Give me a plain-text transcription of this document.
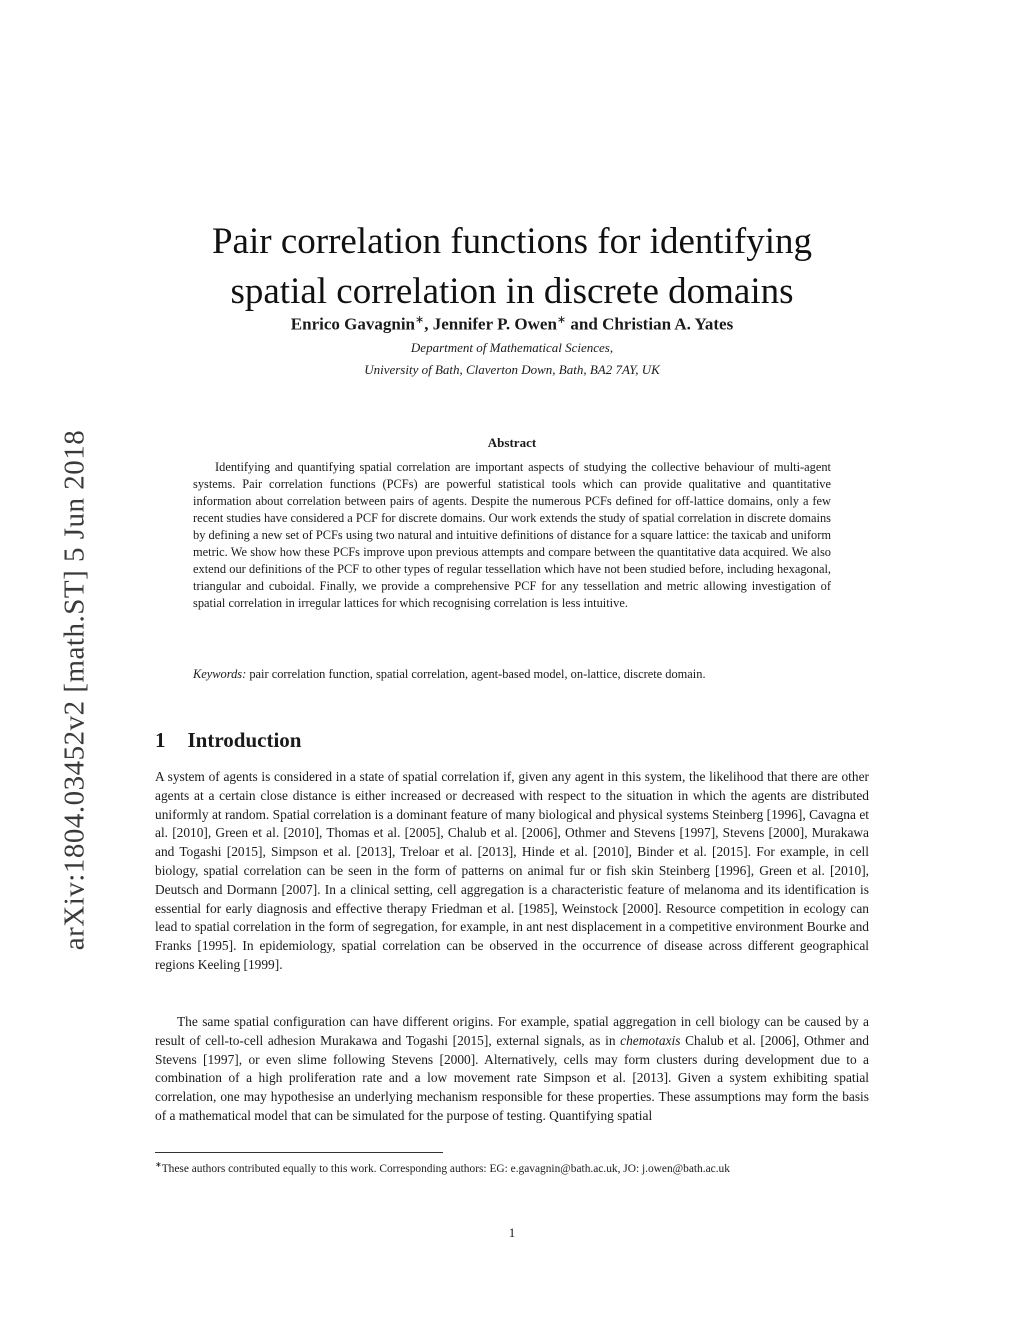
arXiv:1804.03452v2 [math.ST] 5 Jun 2018
Pair correlation functions for identifying
spatial correlation in discrete domains
Enrico Gavagnin∗, Jennifer P. Owen∗ and Christian A. Yates
Department of Mathematical Sciences,
University of Bath, Claverton Down, Bath, BA2 7AY, UK
Abstract

Identifying and quantifying spatial correlation are important aspects of studying the collective behaviour of multi-agent systems. Pair correlation functions (PCFs) are powerful statistical tools which can provide qualitative and quantitative information about correlation between pairs of agents. Despite the numerous PCFs defined for off-lattice domains, only a few recent studies have considered a PCF for discrete domains. Our work extends the study of spatial correlation in discrete domains by defining a new set of PCFs using two natural and intuitive definitions of distance for a square lattice: the taxicab and uniform metric. We show how these PCFs improve upon previous attempts and compare between the quantitative data acquired. We also extend our definitions of the PCF to other types of regular tessellation which have not been studied before, including hexagonal, triangular and cuboidal. Finally, we provide a comprehensive PCF for any tessellation and metric allowing investigation of spatial correlation in irregular lattices for which recognising correlation is less intuitive.

Keywords: pair correlation function, spatial correlation, agent-based model, on-lattice, discrete domain.

1 Introduction

A system of agents is considered in a state of spatial correlation if, given any agent in this system, the likelihood that there are other agents at a certain close distance is either increased or decreased with respect to the situation in which the agents are distributed uniformly at random. Spatial correlation is a dominant feature of many biological and physical systems Steinberg [1996], Cavagna et al. [2010], Green et al. [2010], Thomas et al. [2005], Chalub et al. [2006], Othmer and Stevens [1997], Stevens [2000], Murakawa and Togashi [2015], Simpson et al. [2013], Treloar et al. [2013], Hinde et al. [2010], Binder et al. [2015]. For example, in cell biology, spatial correlation can be seen in the form of patterns on animal fur or fish skin Steinberg [1996], Green et al. [2010], Deutsch and Dormann [2007]. In a clinical setting, cell aggregation is a characteristic feature of melanoma and its identification is essential for early diagnosis and effective therapy Friedman et al. [1985], Weinstock [2000]. Resource competition in ecology can lead to spatial correlation in the form of segregation, for example, in ant nest displacement in a competitive environment Bourke and Franks [1995]. In epidemiology, spatial correlation can be observed in the occurrence of disease across different geographical regions Keeling [1999].

The same spatial configuration can have different origins. For example, spatial aggregation in cell biology can be caused by a result of cell-to-cell adhesion Murakawa and Togashi [2015], external signals, as in chemotaxis Chalub et al. [2006], Othmer and Stevens [1997], or even slime following Stevens [2000]. Alternatively, cells may form clusters during development due to a combination of a high proliferation rate and a low movement rate Simpson et al. [2013]. Given a system exhibiting spatial correlation, one may hypothesise an underlying mechanism responsible for these properties. These assumptions may form the basis of a mathematical model that can be simulated for the purpose of testing. Quantifying spatial

∗These authors contributed equally to this work. Corresponding authors: EG: e.gavagnin@bath.ac.uk, JO: j.owen@bath.ac.uk

1
